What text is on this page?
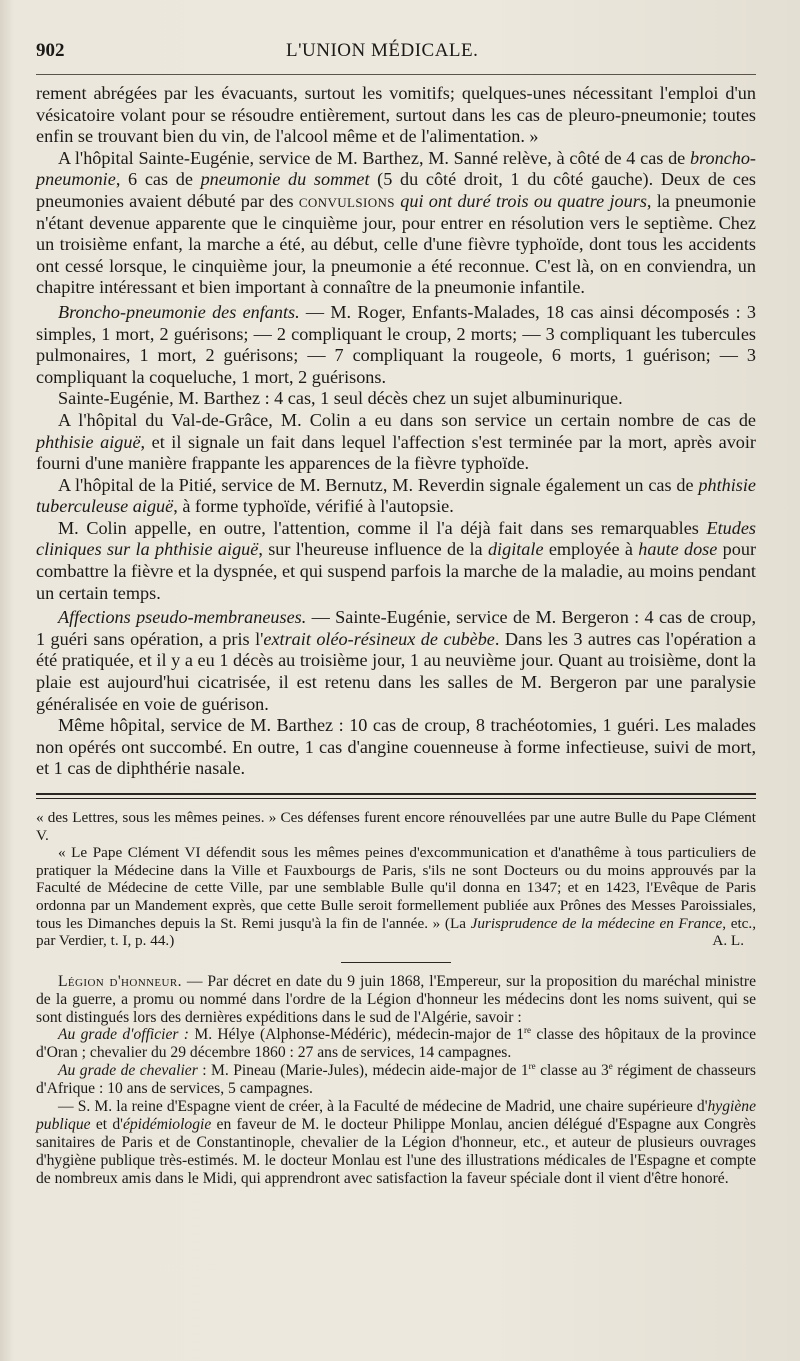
902	L'UNION MÉDICALE.

rement abrégées par les évacuants, surtout les vomitifs; quelques-unes nécessitant l'emploi d'un vésicatoire volant pour se résoudre entièrement, surtout dans les cas de pleuro-pneumonie; toutes enfin se trouvant bien du vin, de l'alcool même et de l'alimentation. »

A l'hôpital Sainte-Eugénie, service de M. Barthez, M. Sanné relève, à côté de 4 cas de broncho-pneumonie, 6 cas de pneumonie du sommet (5 du côté droit, 1 du côté gauche). Deux de ces pneumonies avaient débuté par des convulsions qui ont duré trois ou quatre jours, la pneumonie n'étant devenue apparente que le cinquième jour, pour entrer en résolution vers le septième. Chez un troisième enfant, la marche a été, au début, celle d'une fièvre typhoïde, dont tous les accidents ont cessé lorsque, le cinquième jour, la pneumonie a été reconnue. C'est là, on en conviendra, un chapitre intéressant et bien important à connaître de la pneumonie infantile.

Broncho-pneumonie des enfants. — M. Roger, Enfants-Malades, 18 cas ainsi décomposés : 3 simples, 1 mort, 2 guérisons; — 2 compliquant le croup, 2 morts; — 3 compliquant les tubercules pulmonaires, 1 mort, 2 guérisons; — 7 compliquant la rougeole, 6 morts, 1 guérison; — 3 compliquant la coqueluche, 1 mort, 2 guérisons.

Sainte-Eugénie, M. Barthez : 4 cas, 1 seul décès chez un sujet albuminurique.

A l'hôpital du Val-de-Grâce, M. Colin a eu dans son service un certain nombre de cas de phthisie aiguë, et il signale un fait dans lequel l'affection s'est terminée par la mort, après avoir fourni d'une manière frappante les apparences de la fièvre typhoïde.

A l'hôpital de la Pitié, service de M. Bernutz, M. Reverdin signale également un cas de phthisie tuberculeuse aiguë, à forme typhoïde, vérifié à l'autopsie.

M. Colin appelle, en outre, l'attention, comme il l'a déjà fait dans ses remarquables Etudes cliniques sur la phthisie aiguë, sur l'heureuse influence de la digitale employée à haute dose pour combattre la fièvre et la dyspnée, et qui suspend parfois la marche de la maladie, au moins pendant un certain temps.

Affections pseudo-membraneuses. — Sainte-Eugénie, service de M. Bergeron : 4 cas de croup, 1 guéri sans opération, a pris l'extrait oléo-résineux de cubèbe. Dans les 3 autres cas l'opération a été pratiquée, et il y a eu 1 décès au troisième jour, 1 au neuvième jour. Quant au troisième, dont la plaie est aujourd'hui cicatrisée, il est retenu dans les salles de M. Bergeron par une paralysie généralisée en voie de guérison.

Même hôpital, service de M. Barthez : 10 cas de croup, 8 trachéotomies, 1 guéri. Les malades non opérés ont succombé. En outre, 1 cas d'angine couenneuse à forme infectieuse, suivi de mort, et 1 cas de diphthérie nasale.

« des Lettres, sous les mêmes peines. » Ces défenses furent encore rénouvellées par une autre Bulle du Pape Clément V.

« Le Pape Clément VI défendit sous les mêmes peines d'excommunication et d'anathême à tous particuliers de pratiquer la Médecine dans la Ville et Fauxbourgs de Paris, s'ils ne sont Docteurs ou du moins approuvés par la Faculté de Médecine de cette Ville, par une semblable Bulle qu'il donna en 1347; et en 1423, l'Evêque de Paris ordonna par un Mandement exprès, que cette Bulle seroit formellement publiée aux Prônes des Messes Paroissiales, tous les Dimanches depuis la St. Remi jusqu'à la fin de l'année. » (La Jurisprudence de la médecine en France, etc., par Verdier, t. I, p. 44.)	A. L.

Légion d'honneur. — Par décret en date du 9 juin 1868, l'Empereur, sur la proposition du maréchal ministre de la guerre, a promu ou nommé dans l'ordre de la Légion d'honneur les médecins dont les noms suivent, qui se sont distingués lors des dernières expéditions dans le sud de l'Algérie, savoir :

Au grade d'officier : M. Hélye (Alphonse-Médéric), médecin-major de 1re classe des hôpitaux de la province d'Oran ; chevalier du 29 décembre 1860 : 27 ans de services, 14 campagnes.

Au grade de chevalier : M. Pineau (Marie-Jules), médecin aide-major de 1re classe au 3e régiment de chasseurs d'Afrique : 10 ans de services, 5 campagnes.

— S. M. la reine d'Espagne vient de créer, à la Faculté de médecine de Madrid, une chaire supérieure d'hygiène publique et d'épidémiologie en faveur de M. le docteur Philippe Monlau, ancien délégué d'Espagne aux Congrès sanitaires de Paris et de Constantinople, chevalier de la Légion d'honneur, etc., et auteur de plusieurs ouvrages d'hygiène publique très-estimés. M. le docteur Monlau est l'une des illustrations médicales de l'Espagne et compte de nombreux amis dans le Midi, qui apprendront avec satisfaction la faveur spéciale dont il vient d'être honoré.
